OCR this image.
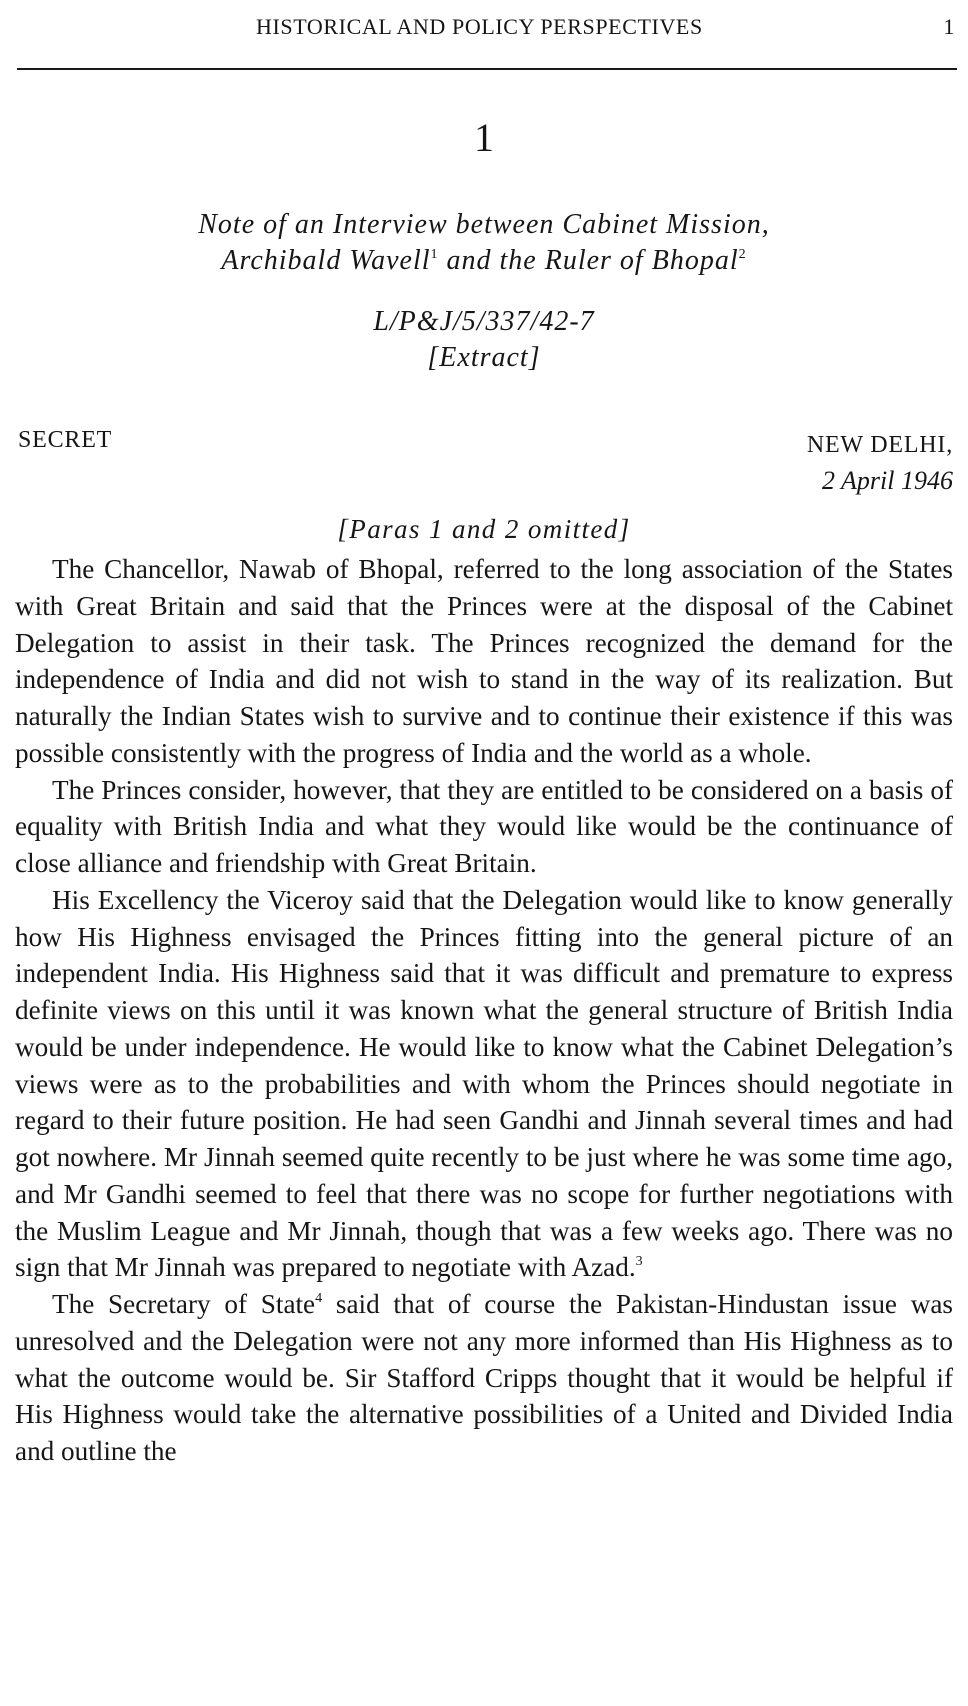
HISTORICAL AND POLICY PERSPECTIVES	1
1
Note of an Interview between Cabinet Mission,
Archibald Wavell$^1$ and the Ruler of Bhopal$^2$
L/P&J/5/337/42-7
[Extract]
SECRET	NEW DELHI,
2 April 1946
[Paras 1 and 2 omitted]

The Chancellor, Nawab of Bhopal, referred to the long association of the States with Great Britain and said that the Princes were at the disposal of the Cabinet Delegation to assist in their task. The Princes recognized the demand for the independence of India and did not wish to stand in the way of its realization. But naturally the Indian States wish to survive and to continue their existence if this was possible consistently with the progress of India and the world as a whole.

The Princes consider, however, that they are entitled to be considered on a basis of equality with British India and what they would like would be the continuance of close alliance and friendship with Great Britain.

His Excellency the Viceroy said that the Delegation would like to know generally how His Highness envisaged the Princes fitting into the general picture of an independent India. His Highness said that it was difficult and premature to express definite views on this until it was known what the general structure of British India would be under independence. He would like to know what the Cabinet Delegation’s views were as to the probabilities and with whom the Princes should negotiate in regard to their future position. He had seen Gandhi and Jinnah several times and had got nowhere. Mr Jinnah seemed quite recently to be just where he was some time ago, and Mr Gandhi seemed to feel that there was no scope for further negotiations with the Muslim League and Mr Jinnah, though that was a few weeks ago. There was no sign that Mr Jinnah was prepared to negotiate with Azad.$^3$

The Secretary of State$^4$ said that of course the Pakistan-Hindustan issue was unresolved and the Delegation were not any more informed than His Highness as to what the outcome would be. Sir Stafford Cripps thought that it would be helpful if His Highness would take the alternative possibilities of a United and Divided India and outline the
